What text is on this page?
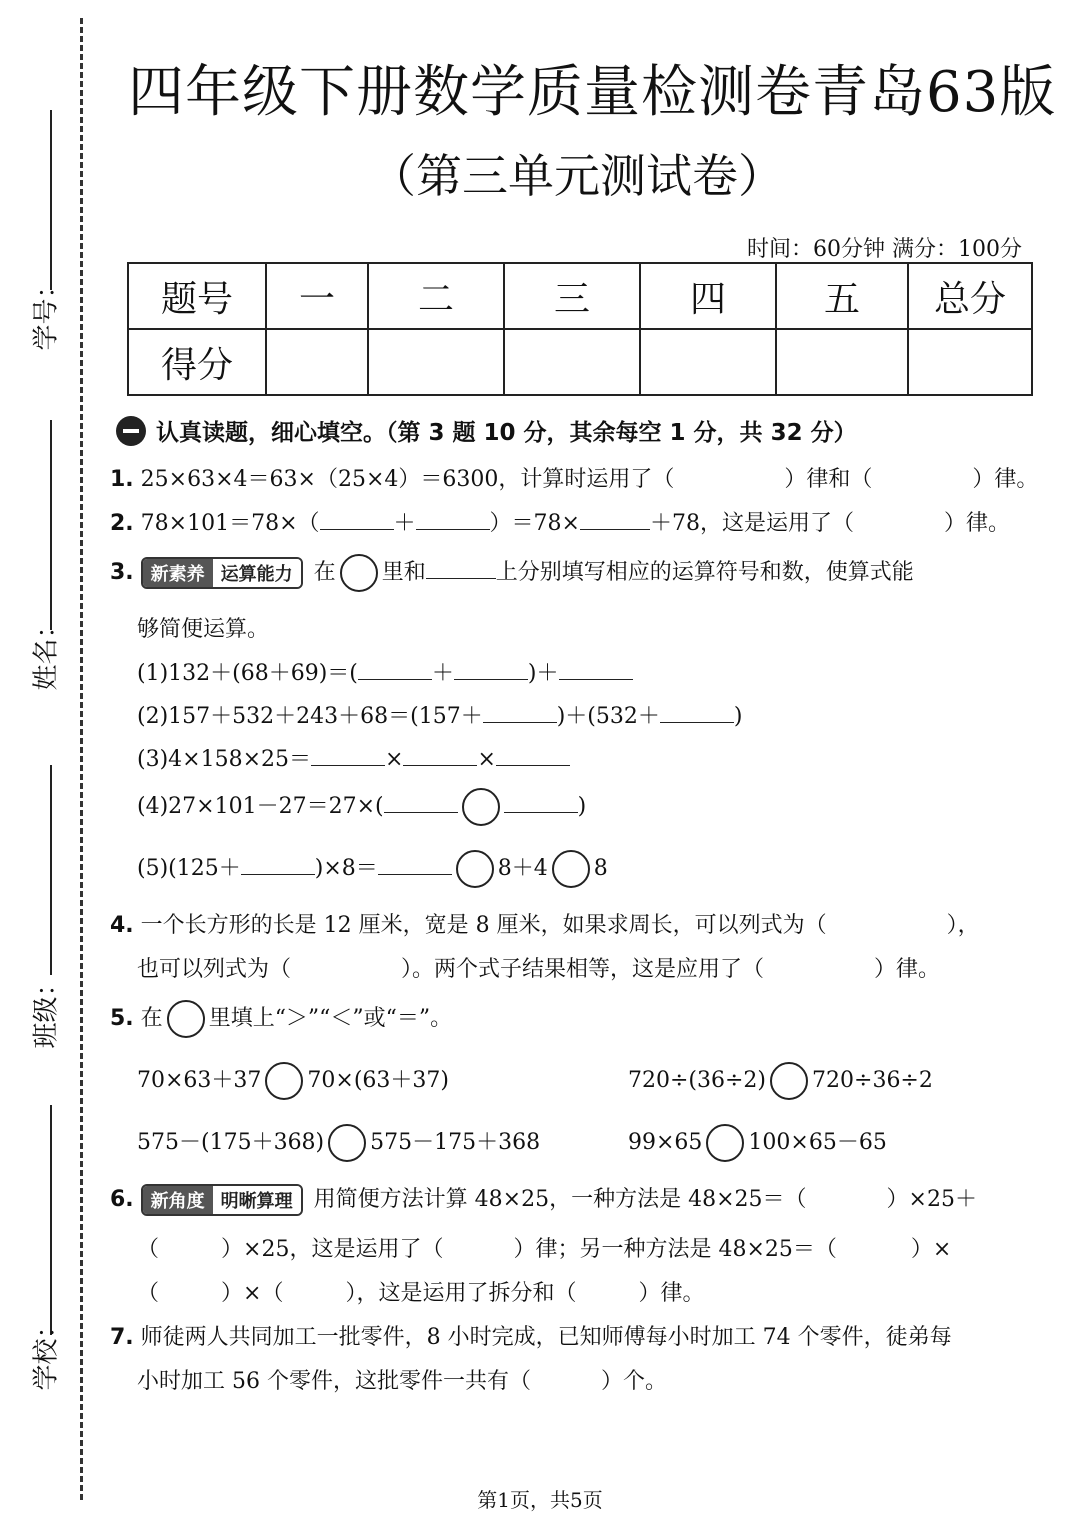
学号：
姓名：
班级：
学校：
四年级下册数学质量检测卷青岛63版
（第三单元测试卷）
时间：60分钟 满分：100分
题号	一	二	三	四	五	总分
得分						
认真读题，细心填空。（第 3 题 10 分，其余每空 1 分，共 32 分）
1. 25×63×4＝63×（25×4）＝6300，计算时运用了（	）律和（	）律。
2. 78×101＝78×（	＋	）＝78×	＋78，这是运用了（	）律。
3. 新素养 运算能力 在 里和	上分别填写相应的运算符号和数，使算式能
够简便运算。
(1)132＋(68＋69)＝(	＋	)＋
(2)157＋532＋243＋68＝(157＋	)＋(532＋	)
(3)4×158×25＝	×	×
(4)27×101－27＝27×(	)
(5)(125＋	)×8＝	8＋4 8
4. 一个长方形的长是 12 厘米，宽是 8 厘米，如果求周长，可以列式为（	），
也可以列式为（	）。两个式子结果相等，这是应用了（	）律。
5. 在 里填上“＞”“＜”或“＝”。
70×63＋37 70×(63＋37)	720÷(36÷2) 720÷36÷2
575－(175＋368) 575－175＋368	99×65 100×65－65
6. 新角度 明晰算理 用简便方法计算 48×25，一种方法是 48×25＝（	）×25＋
（	）×25，这是运用了（	）律；另一种方法是 48×25＝（	）×
（	）×（	），这是运用了拆分和（	）律。
7. 师徒两人共同加工一批零件，8 小时完成，已知师傅每小时加工 74 个零件，徒弟每
小时加工 56 个零件，这批零件一共有（	）个。
第1页，共5页
